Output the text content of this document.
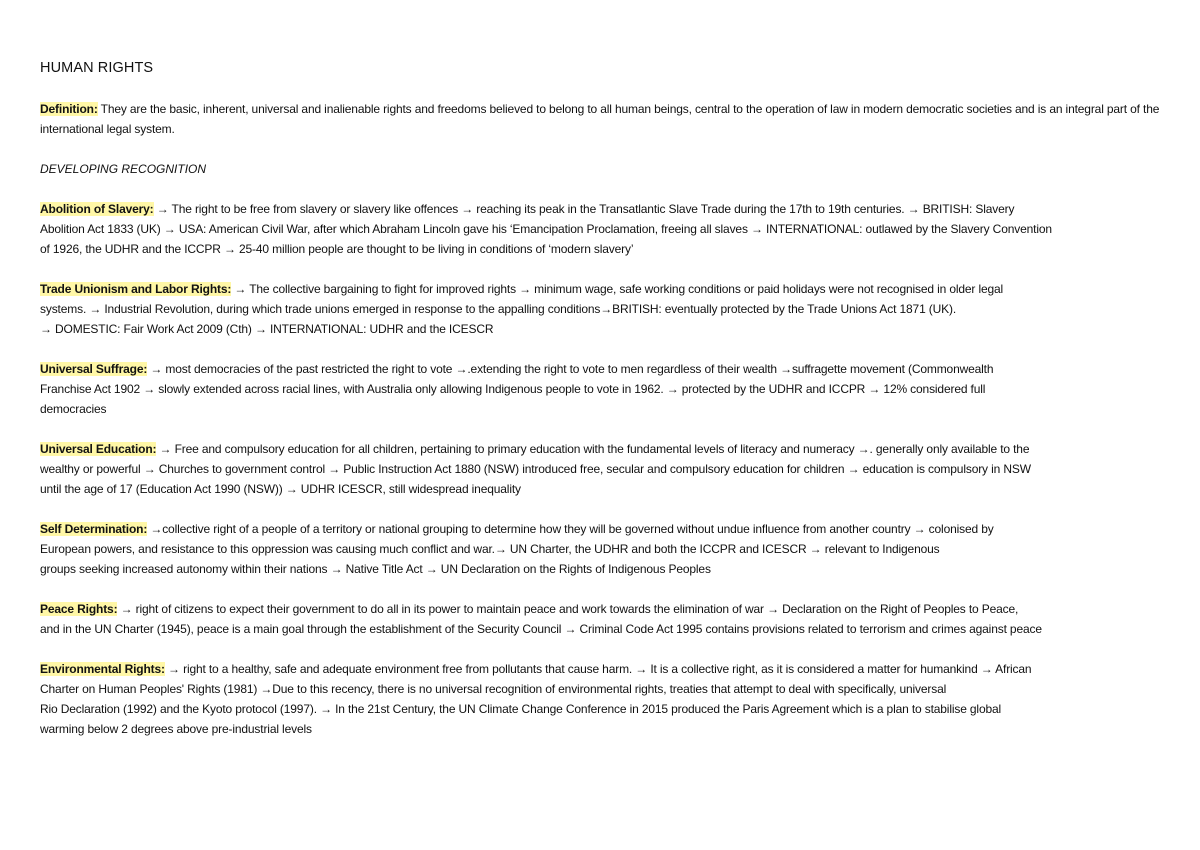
HUMAN RIGHTS
Definition: They are the basic, inherent, universal and inalienable rights and freedoms believed to belong to all human beings, central to the operation of law in modern democratic societies and is an integral part of the international legal system.
DEVELOPING RECOGNITION
Abolition of Slavery: → The right to be free from slavery or slavery like offences → reaching its peak in the Transatlantic Slave Trade during the 17th to 19th centuries. → BRITISH: Slavery
Abolition Act 1833 (UK) → USA: American Civil War, after which Abraham Lincoln gave his ‘Emancipation Proclamation, freeing all slaves → INTERNATIONAL: outlawed by the Slavery Convention
of 1926, the UDHR and the ICCPR → 25-40 million people are thought to be living in conditions of ‘modern slavery’
Trade Unionism and Labor Rights: → The collective bargaining to fight for improved rights → minimum wage, safe working conditions or paid holidays were not recognised in older legal
systems. → Industrial Revolution, during which trade unions emerged in response to the appalling conditions→BRITISH: eventually protected by the Trade Unions Act 1871 (UK).
→ DOMESTIC: Fair Work Act 2009 (Cth) → INTERNATIONAL: UDHR and the ICESCR
Universal Suffrage: → most democracies of the past restricted the right to vote →.extending the right to vote to men regardless of their wealth →suffragette movement (Commonwealth
Franchise Act 1902 → slowly extended across racial lines, with Australia only allowing Indigenous people to vote in 1962. → protected by the UDHR and ICCPR → 12% considered full
democracies
Universal Education: → Free and compulsory education for all children, pertaining to primary education with the fundamental levels of literacy and numeracy →. generally only available to the
wealthy or powerful → Churches to government control → Public Instruction Act 1880 (NSW) introduced free, secular and compulsory education for children → education is compulsory in NSW
until the age of 17 (Education Act 1990 (NSW)) → UDHR ICESCR, still widespread inequality
Self Determination: →collective right of a people of a territory or national grouping to determine how they will be governed without undue influence from another country → colonised by
European powers, and resistance to this oppression was causing much conflict and war.→ UN Charter, the UDHR and both the ICCPR and ICESCR → relevant to Indigenous
groups seeking increased autonomy within their nations → Native Title Act → UN Declaration on the Rights of Indigenous Peoples
Peace Rights: → right of citizens to expect their government to do all in its power to maintain peace and work towards the elimination of war → Declaration on the Right of Peoples to Peace,
and in the UN Charter (1945), peace is a main goal through the establishment of the Security Council → Criminal Code Act 1995 contains provisions related to terrorism and crimes against peace
Environmental Rights: → right to a healthy, safe and adequate environment free from pollutants that cause harm. → It is a collective right, as it is considered a matter for humankind → African
Charter on Human Peoples' Rights (1981) →Due to this recency, there is no universal recognition of environmental rights, treaties that attempt to deal with specifically, universal
Rio Declaration (1992) and the Kyoto protocol (1997). → In the 21st Century, the UN Climate Change Conference in 2015 produced the Paris Agreement which is a plan to stabilise global
warming below 2 degrees above pre-industrial levels
